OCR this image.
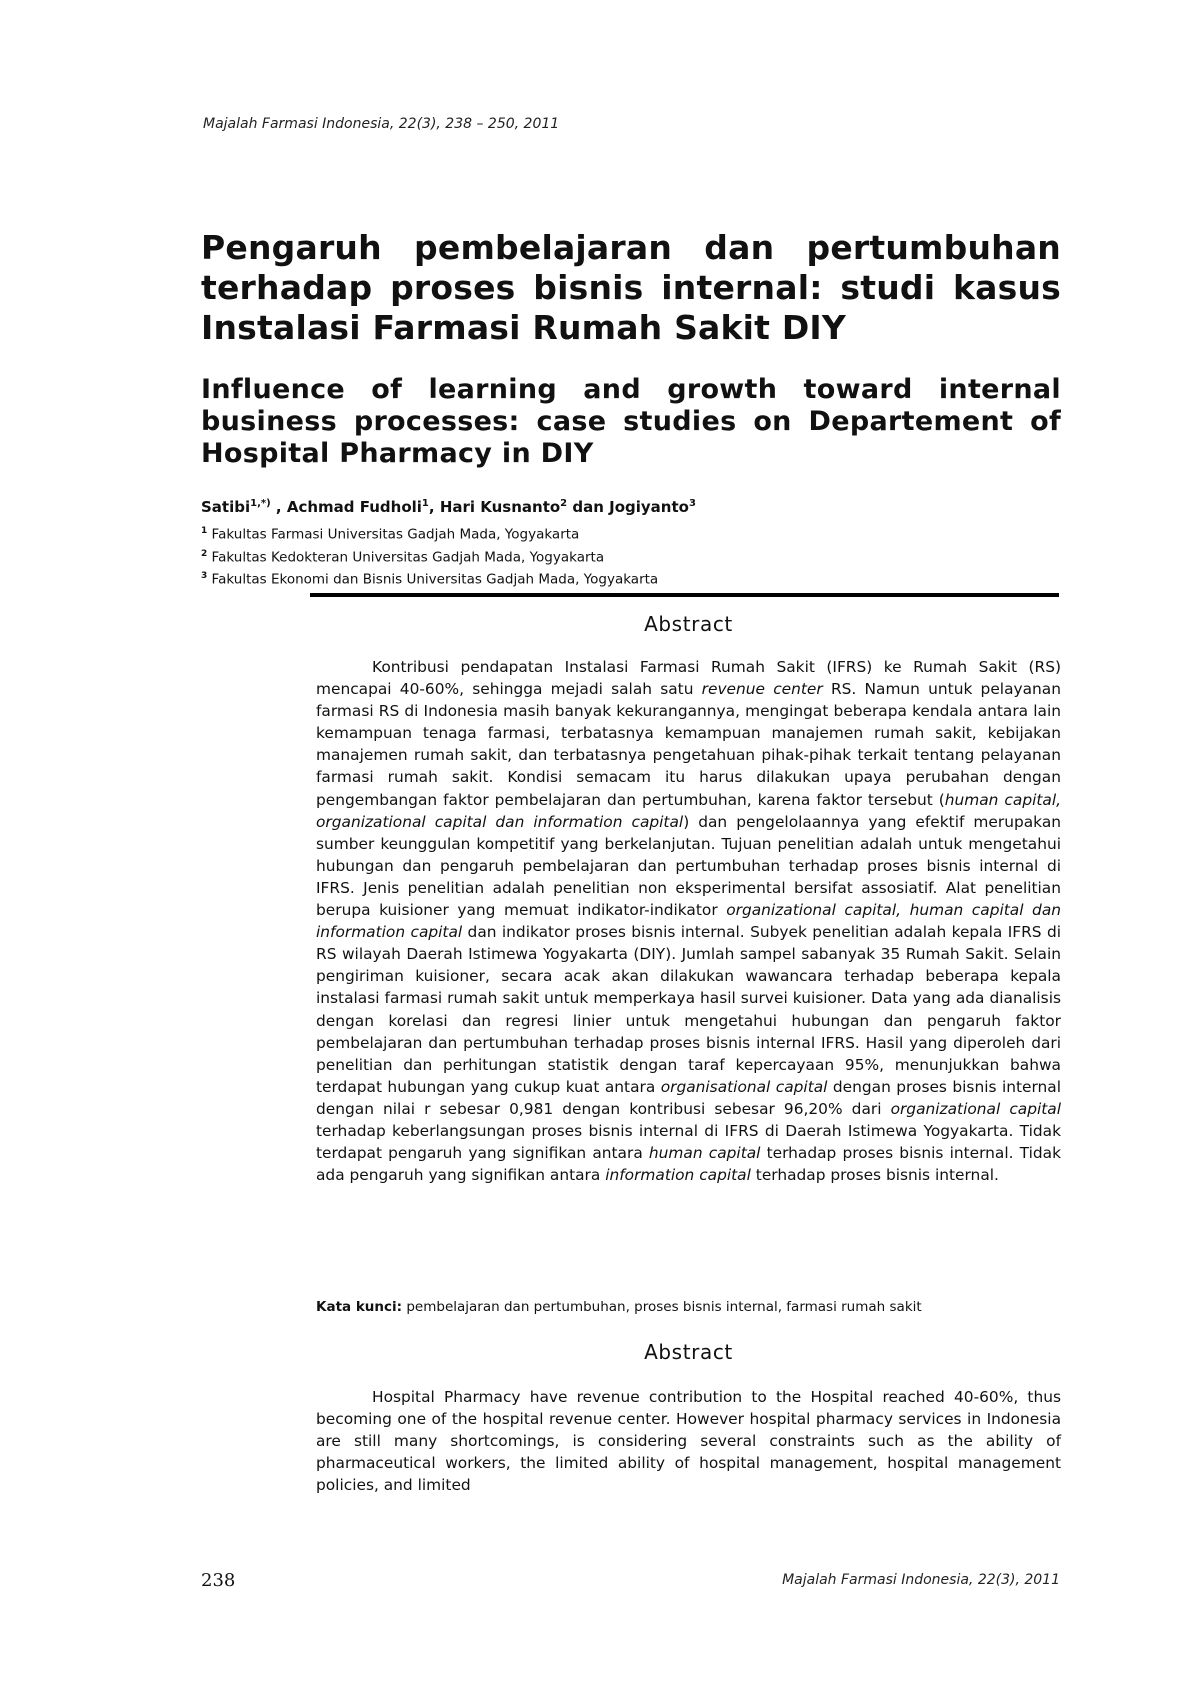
Majalah Farmasi Indonesia, 22(3), 238 – 250, 2011
Pengaruh pembelajaran dan pertumbuhan terhadap proses bisnis internal: studi kasus Instalasi Farmasi Rumah Sakit DIY
Influence of learning and growth toward internal business processes: case studies on Departement of Hospital Pharmacy in DIY
Satibi$^{1,*)}$ , Achmad Fudholi$^1$, Hari Kusnanto$^2$ dan Jogiyanto$^3$
$^1$ Fakultas Farmasi Universitas Gadjah Mada, Yogyakarta
$^2$ Fakultas Kedokteran Universitas Gadjah Mada, Yogyakarta
$^3$ Fakultas Ekonomi dan Bisnis Universitas Gadjah Mada, Yogyakarta
Abstract

Kontribusi pendapatan Instalasi Farmasi Rumah Sakit (IFRS) ke Rumah Sakit (RS) mencapai 40-60%, sehingga mejadi salah satu revenue center RS. Namun untuk pelayanan farmasi RS di Indonesia masih banyak kekurangannya, mengingat beberapa kendala antara lain kemampuan tenaga farmasi, terbatasnya kemampuan manajemen rumah sakit, kebijakan manajemen rumah sakit, dan terbatasnya pengetahuan pihak-pihak terkait tentang pelayanan farmasi rumah sakit. Kondisi semacam itu harus dilakukan upaya perubahan dengan pengembangan faktor pembelajaran dan pertumbuhan, karena faktor tersebut (human capital, organizational capital dan information capital) dan pengelolaannya yang efektif merupakan sumber keunggulan kompetitif yang berkelanjutan. Tujuan penelitian adalah untuk mengetahui hubungan dan pengaruh pembelajaran dan pertumbuhan terhadap proses bisnis internal di IFRS. Jenis penelitian adalah penelitian non eksperimental bersifat assosiatif. Alat penelitian berupa kuisioner yang memuat indikator-indikator organizational capital, human capital dan information capital dan indikator proses bisnis internal. Subyek penelitian adalah kepala IFRS di RS wilayah Daerah Istimewa Yogyakarta (DIY). Jumlah sampel sabanyak 35 Rumah Sakit. Selain pengiriman kuisioner, secara acak akan dilakukan wawancara terhadap beberapa kepala instalasi farmasi rumah sakit untuk memperkaya hasil survei kuisioner. Data yang ada dianalisis dengan korelasi dan regresi linier untuk mengetahui hubungan dan pengaruh faktor pembelajaran dan pertumbuhan terhadap proses bisnis internal IFRS. Hasil yang diperoleh dari penelitian dan perhitungan statistik dengan taraf kepercayaan 95%, menunjukkan bahwa terdapat hubungan yang cukup kuat antara organisational capital dengan proses bisnis internal dengan nilai r sebesar 0,981 dengan kontribusi sebesar 96,20% dari organizational capital terhadap keberlangsungan proses bisnis internal di IFRS di Daerah Istimewa Yogyakarta. Tidak terdapat pengaruh yang signifikan antara human capital terhadap proses bisnis internal. Tidak ada pengaruh yang signifikan antara information capital terhadap proses bisnis internal.

Kata kunci: pembelajaran dan pertumbuhan, proses bisnis internal, farmasi rumah sakit
Abstract

Hospital Pharmacy have revenue contribution to the Hospital reached 40-60%, thus becoming one of the hospital revenue center. However hospital pharmacy services in Indonesia are still many shortcomings, is considering several constraints such as the ability of pharmaceutical workers, the limited ability of hospital management, hospital management policies, and limited

238	Majalah Farmasi Indonesia, 22(3), 2011
